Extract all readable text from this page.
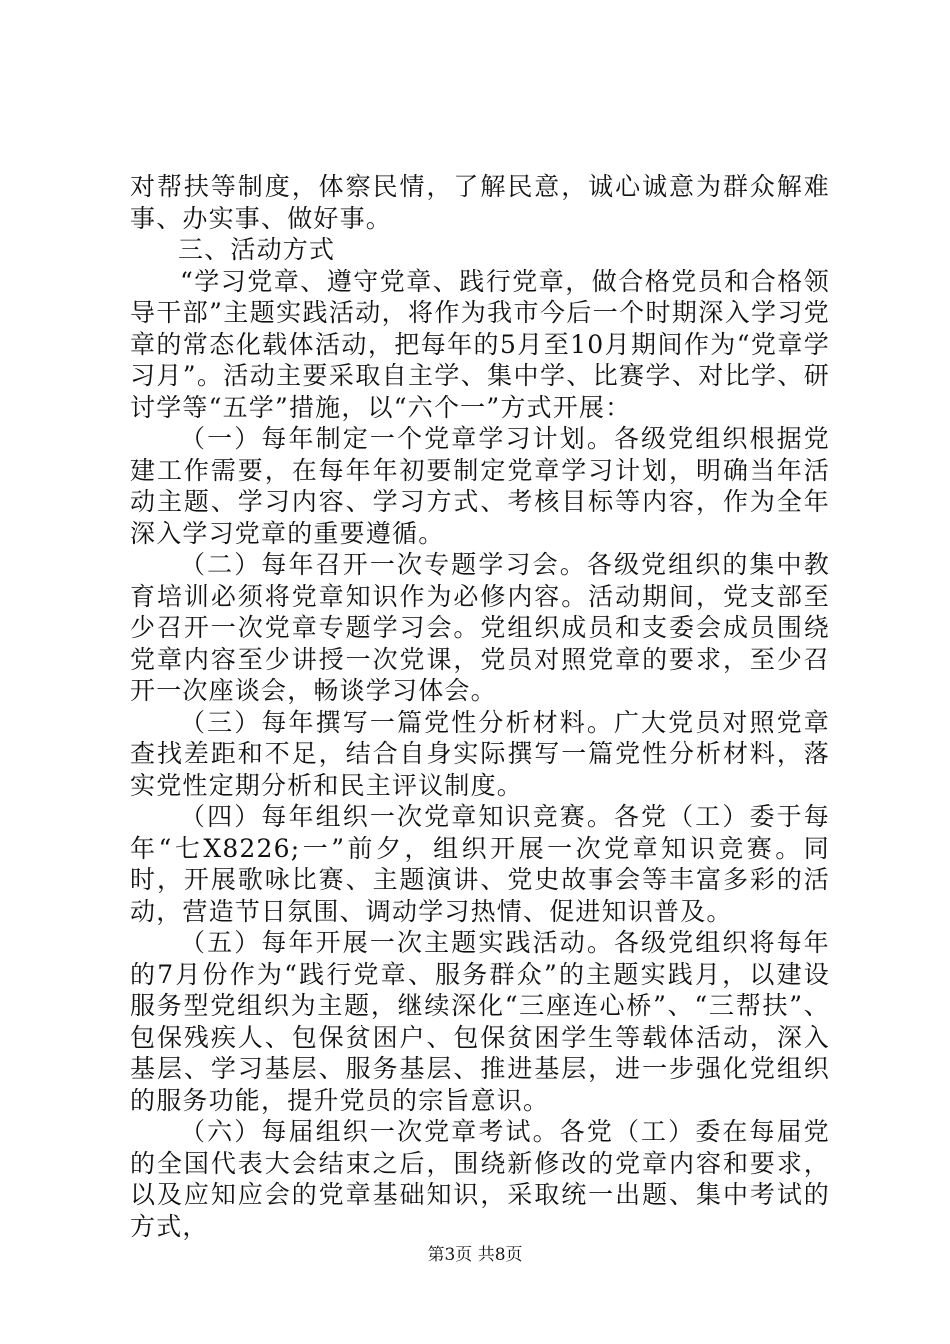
对帮扶等制度，体察民情，了解民意，诚心诚意为群众解难事、办实事、做好事。

三、活动方式

“学习党章、遵守党章、践行党章，做合格党员和合格领导干部”主题实践活动，将作为我市今后一个时期深入学习党章的常态化载体活动，把每年的5月至10月期间作为“党章学习月”。活动主要采取自主学、集中学、比赛学、对比学、研讨学等“五学”措施，以“六个一”方式开展：

（一）每年制定一个党章学习计划。各级党组织根据党建工作需要，在每年年初要制定党章学习计划，明确当年活动主题、学习内容、学习方式、考核目标等内容，作为全年深入学习党章的重要遵循。

（二）每年召开一次专题学习会。各级党组织的集中教育培训必须将党章知识作为必修内容。活动期间，党支部至少召开一次党章专题学习会。党组织成员和支委会成员围绕党章内容至少讲授一次党课，党员对照党章的要求，至少召开一次座谈会，畅谈学习体会。

（三）每年撰写一篇党性分析材料。广大党员对照党章查找差距和不足，结合自身实际撰写一篇党性分析材料，落实党性定期分析和民主评议制度。

（四）每年组织一次党章知识竞赛。各党（工）委于每年“七X8226;一”前夕，组织开展一次党章知识竞赛。同时，开展歌咏比赛、主题演讲、党史故事会等丰富多彩的活动，营造节日氛围、调动学习热情、促进知识普及。

（五）每年开展一次主题实践活动。各级党组织将每年的7月份作为“践行党章、服务群众”的主题实践月，以建设服务型党组织为主题，继续深化“三座连心桥”、“三帮扶”、包保残疾人、包保贫困户、包保贫困学生等载体活动，深入基层、学习基层、服务基层、推进基层，进一步强化党组织的服务功能，提升党员的宗旨意识。

（六）每届组织一次党章考试。各党（工）委在每届党的全国代表大会结束之后，围绕新修改的党章内容和要求，以及应知应会的党章基础知识，采取统一出题、集中考试的方式，

第3页 共8页
